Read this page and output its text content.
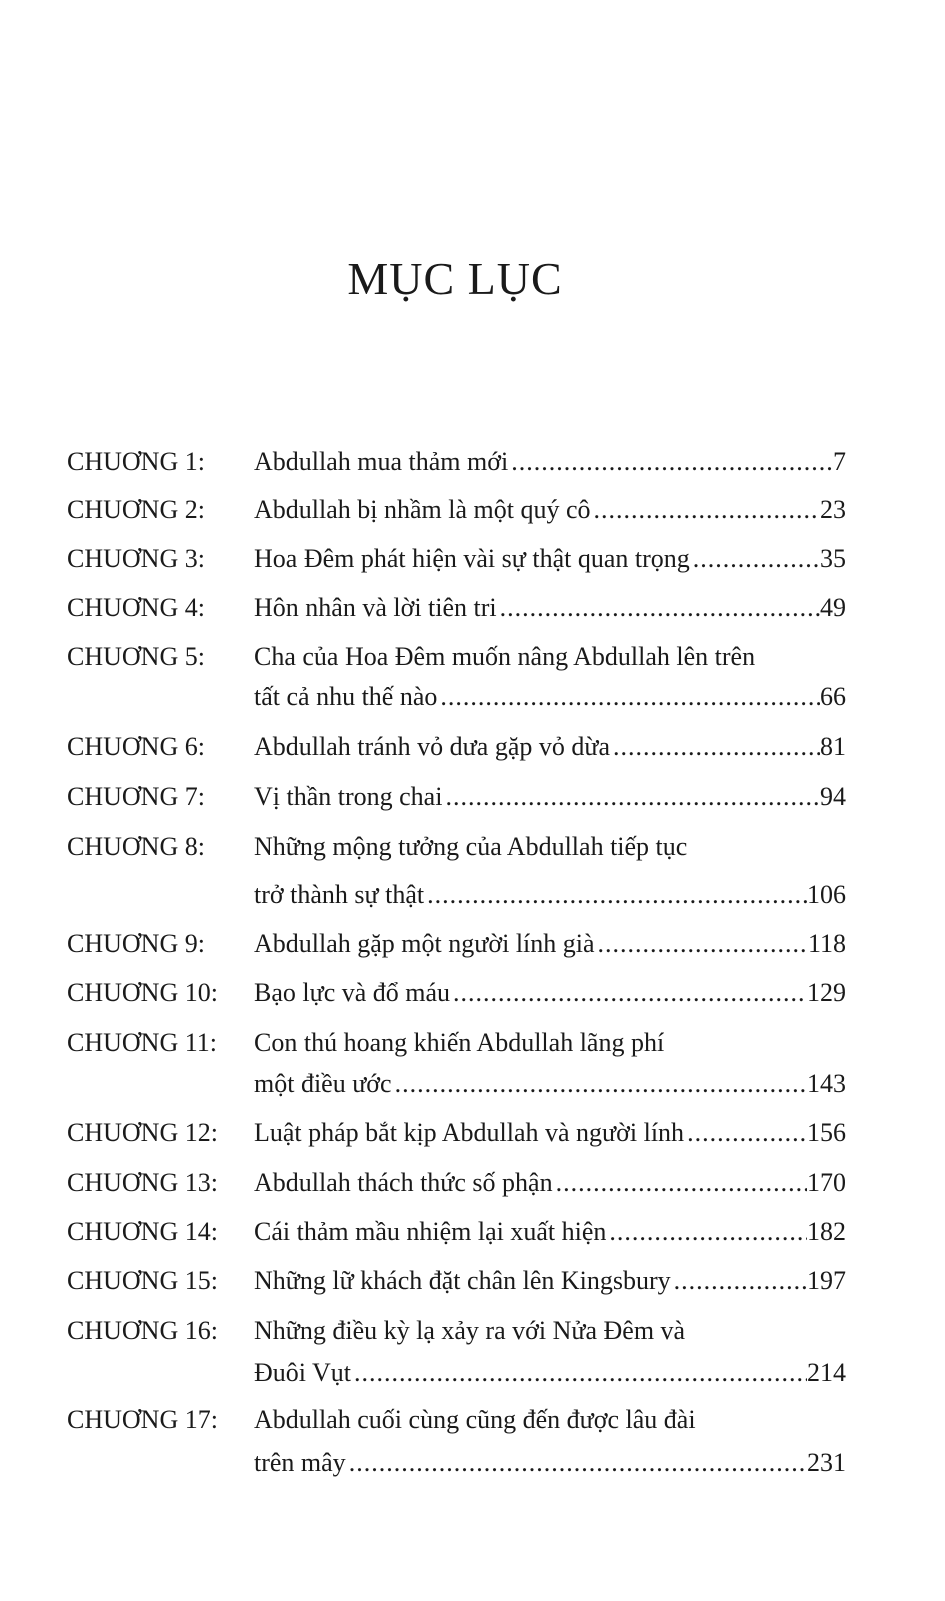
MỤC LỤC
CHUƠNG 1: Abdullah mua thảm mới .....	7
CHUƠNG 2: Abdullah bị nhầm là một quý cô .....	23
CHUƠNG 3: Hoa Đêm phát hiện vài sự thật quan trọng .....	35
CHUƠNG 4: Hôn nhân và lời tiên tri .....	49
CHUƠNG 5: Cha của Hoa Đêm muốn nâng Abdullah lên trên
tất cả nhu thế nào .....	66
CHUƠNG 6: Abdullah tránh vỏ dưa gặp vỏ dừa .....	81
CHUƠNG 7: Vị thần trong chai .....	94
CHUƠNG 8: Những mộng tưởng của Abdullah tiếp tục
trở thành sự thật .....	106
CHUƠNG 9: Abdullah gặp một người lính già .....	118
CHUƠNG 10: Bạo lực và đổ máu .....	129
CHUƠNG 11: Con thú hoang khiến Abdullah lãng phí
một điều ước .....	143
CHUƠNG 12: Luật pháp bắt kịp Abdullah và người lính .....	156
CHUƠNG 13: Abdullah thách thức số phận .....	170
CHUƠNG 14: Cái thảm mầu nhiệm lại xuất hiện .....	182
CHUƠNG 15: Những lữ khách đặt chân lên Kingsbury .....	197
CHUƠNG 16: Những điều kỳ lạ xảy ra với Nửa Đêm và
Đuôi Vụt .....	214
CHUƠNG 17: Abdullah cuối cùng cũng đến được lâu đài
trên mây .....	231
